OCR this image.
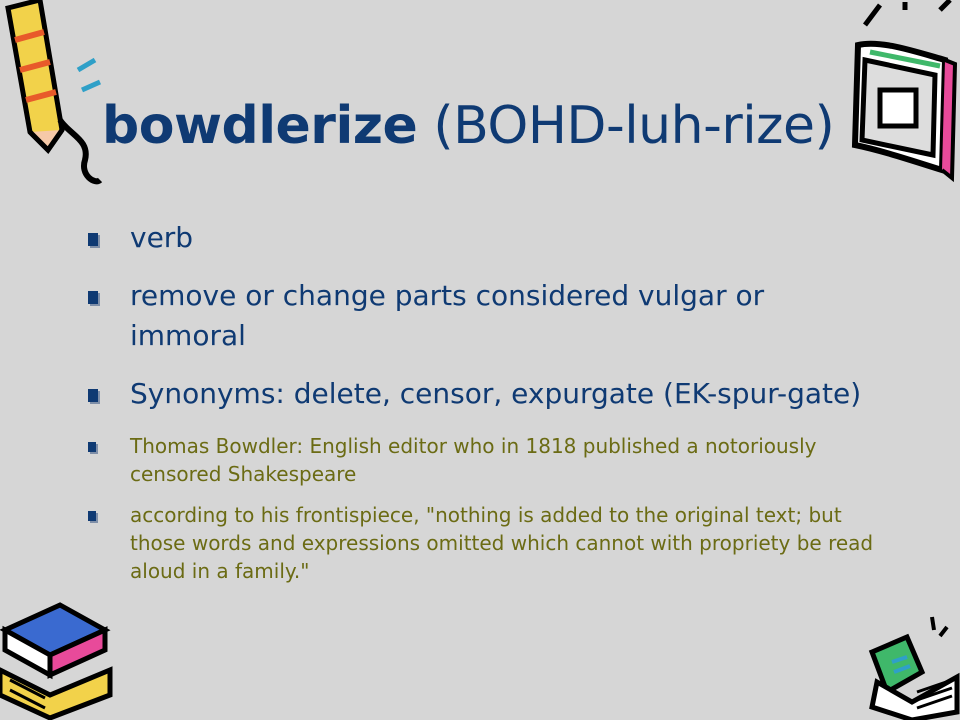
bowdlerize (BOHD-luh-rize)
verb
remove or change parts considered vulgar or immoral
Synonyms: delete, censor, expurgate (EK-spur-gate)
Thomas Bowdler: English editor who in 1818 published a notoriously censored Shakespeare
according to his frontispiece, "nothing is added to the original text; but those words and expressions omitted which cannot with propriety be read aloud in a family."
